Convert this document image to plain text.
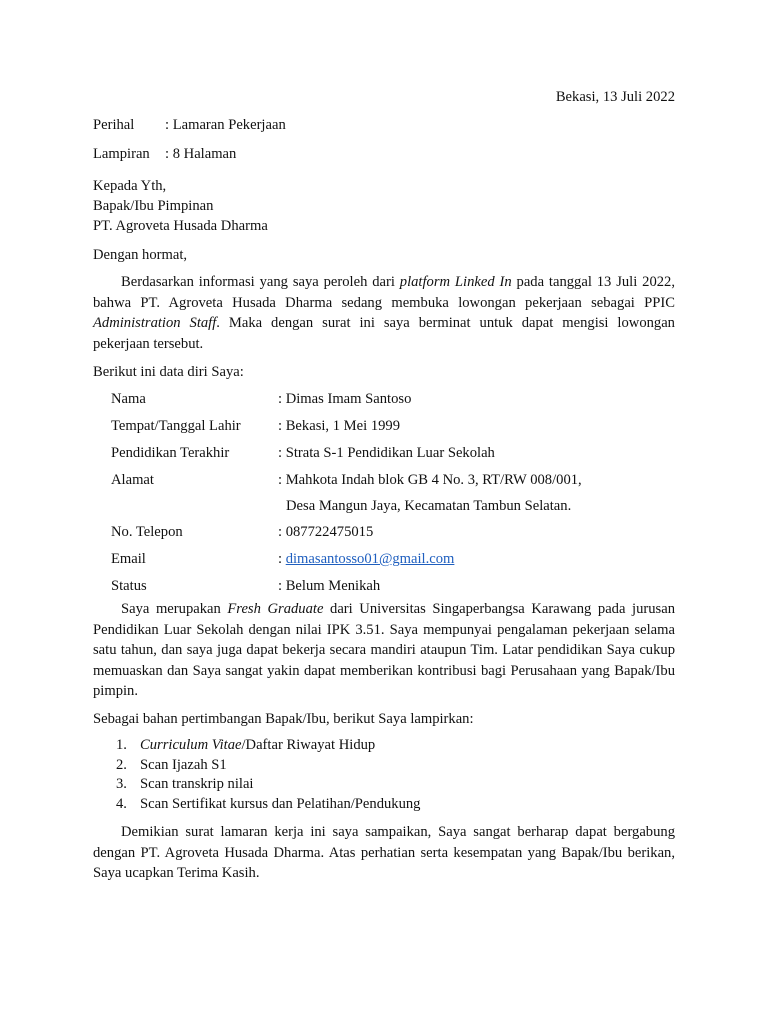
Bekasi, 13 Juli 2022
Perihal : Lamaran Pekerjaan
Lampiran : 8 Halaman
Kepada Yth,
Bapak/Ibu Pimpinan
PT. Agroveta Husada Dharma
Dengan hormat,
Berdasarkan informasi yang saya peroleh dari platform Linked In pada tanggal 13 Juli 2022, bahwa PT. Agroveta Husada Dharma sedang membuka lowongan pekerjaan sebagai PPIC Administration Staff. Maka dengan surat ini saya berminat untuk dapat mengisi lowongan pekerjaan tersebut.
Berikut ini data diri Saya:
Nama	: Dimas Imam Santoso
Tempat/Tanggal Lahir	: Bekasi, 1 Mei 1999
Pendidikan Terakhir	: Strata S-1 Pendidikan Luar Sekolah
Alamat	: Mahkota Indah blok GB 4 No. 3, RT/RW 008/001,
Desa Mangun Jaya, Kecamatan Tambun Selatan.
No. Telepon	: 087722475015
Email	: dimasantosso01@gmail.com
Status	: Belum Menikah
Saya merupakan Fresh Graduate dari Universitas Singaperbangsa Karawang pada jurusan Pendidikan Luar Sekolah dengan nilai IPK 3.51. Saya mempunyai pengalaman pekerjaan selama satu tahun, dan saya juga dapat bekerja secara mandiri ataupun Tim. Latar pendidikan Saya cukup memuaskan dan Saya sangat yakin dapat memberikan kontribusi bagi Perusahaan yang Bapak/Ibu pimpin.
Sebagai bahan pertimbangan Bapak/Ibu, berikut Saya lampirkan:
1. Curriculum Vitae/Daftar Riwayat Hidup
2. Scan Ijazah S1
3. Scan transkrip nilai
4. Scan Sertifikat kursus dan Pelatihan/Pendukung
Demikian surat lamaran kerja ini saya sampaikan, Saya sangat berharap dapat bergabung dengan PT. Agroveta Husada Dharma. Atas perhatian serta kesempatan yang Bapak/Ibu berikan, Saya ucapkan Terima Kasih.
